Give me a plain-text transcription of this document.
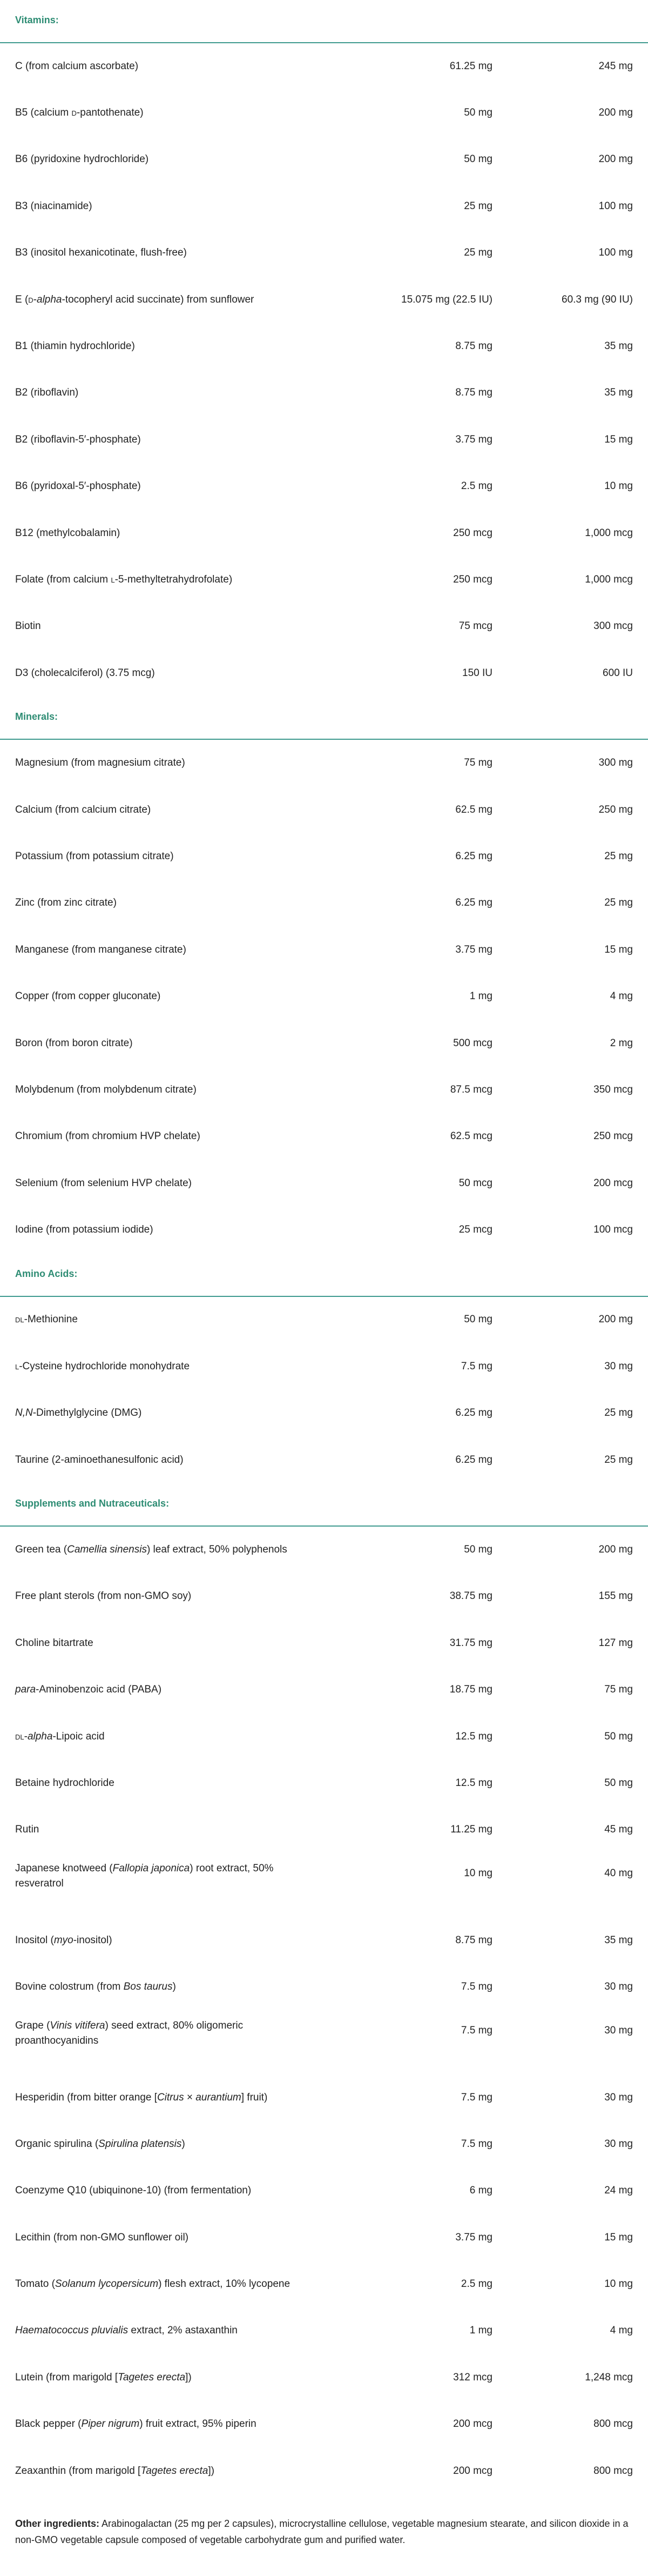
Vitamins:
C (from calcium ascorbate)	61.25 mg	245 mg
B5 (calcium d-pantothenate)	50 mg	200 mg
B6 (pyridoxine hydrochloride)	50 mg	200 mg
B3 (niacinamide)	25 mg	100 mg
B3 (inositol hexanicotinate, flush-free)	25 mg	100 mg
E (d-alpha-tocopheryl acid succinate) from sunflower	15.075 mg (22.5 IU)	60.3 mg (90 IU)
B1 (thiamin hydrochloride)	8.75 mg	35 mg
B2 (riboflavin)	8.75 mg	35 mg
B2 (riboflavin-5′-phosphate)	3.75 mg	15 mg
B6 (pyridoxal-5′-phosphate)	2.5 mg	10 mg
B12 (methylcobalamin)	250 mcg	1,000 mcg
Folate (from calcium l-5-methyltetrahydrofolate)	250 mcg	1,000 mcg
Biotin	75 mcg	300 mcg
D3 (cholecalciferol) (3.75 mcg)	150 IU	600 IU
Minerals:
Magnesium (from magnesium citrate)	75 mg	300 mg
Calcium (from calcium citrate)	62.5 mg	250 mg
Potassium (from potassium citrate)	6.25 mg	25 mg
Zinc (from zinc citrate)	6.25 mg	25 mg
Manganese (from manganese citrate)	3.75 mg	15 mg
Copper (from copper gluconate)	1 mg	4 mg
Boron (from boron citrate)	500 mcg	2 mg
Molybdenum (from molybdenum citrate)	87.5 mcg	350 mcg
Chromium (from chromium HVP chelate)	62.5 mcg	250 mcg
Selenium (from selenium HVP chelate)	50 mcg	200 mcg
Iodine (from potassium iodide)	25 mcg	100 mcg
Amino Acids:
dl-Methionine	50 mg	200 mg
l-Cysteine hydrochloride monohydrate	7.5 mg	30 mg
N,N-Dimethylglycine (DMG)	6.25 mg	25 mg
Taurine (2-aminoethanesulfonic acid)	6.25 mg	25 mg
Supplements and Nutraceuticals:
Green tea (Camellia sinensis) leaf extract, 50% polyphenols	50 mg	200 mg
Free plant sterols (from non-GMO soy)	38.75 mg	155 mg
Choline bitartrate	31.75 mg	127 mg
para-Aminobenzoic acid (PABA)	18.75 mg	75 mg
dl-alpha-Lipoic acid	12.5 mg	50 mg
Betaine hydrochloride	12.5 mg	50 mg
Rutin	11.25 mg	45 mg
Japanese knotweed (Fallopia japonica) root extract, 50% resveratrol
10 mg	40 mg
Inositol (myo-inositol)	8.75 mg	35 mg
Bovine colostrum (from Bos taurus)	7.5 mg	30 mg
Grape (Vinis vitifera) seed extract, 80% oligomeric proanthocyanidins
7.5 mg	30 mg
Hesperidin (from bitter orange [Citrus × aurantium] fruit)	7.5 mg	30 mg
Organic spirulina (Spirulina platensis)	7.5 mg	30 mg
Coenzyme Q10 (ubiquinone-10) (from fermentation)	6 mg	24 mg
Lecithin (from non-GMO sunflower oil)	3.75 mg	15 mg
Tomato (Solanum lycopersicum) flesh extract, 10% lycopene	2.5 mg	10 mg
Haematococcus pluvialis extract, 2% astaxanthin	1 mg	4 mg
Lutein (from marigold [Tagetes erecta])	312 mcg	1,248 mcg
Black pepper (Piper nigrum) fruit extract, 95% piperin	200 mcg	800 mcg
Zeaxanthin (from marigold [Tagetes erecta])	200 mcg	800 mcg
Other ingredients: Arabinogalactan (25 mg per 2 capsules), microcrystalline cellulose, vegetable magnesium stearate, and silicon dioxide in a non-GMO vegetable capsule composed of vegetable carbohydrate gum and purified water.
